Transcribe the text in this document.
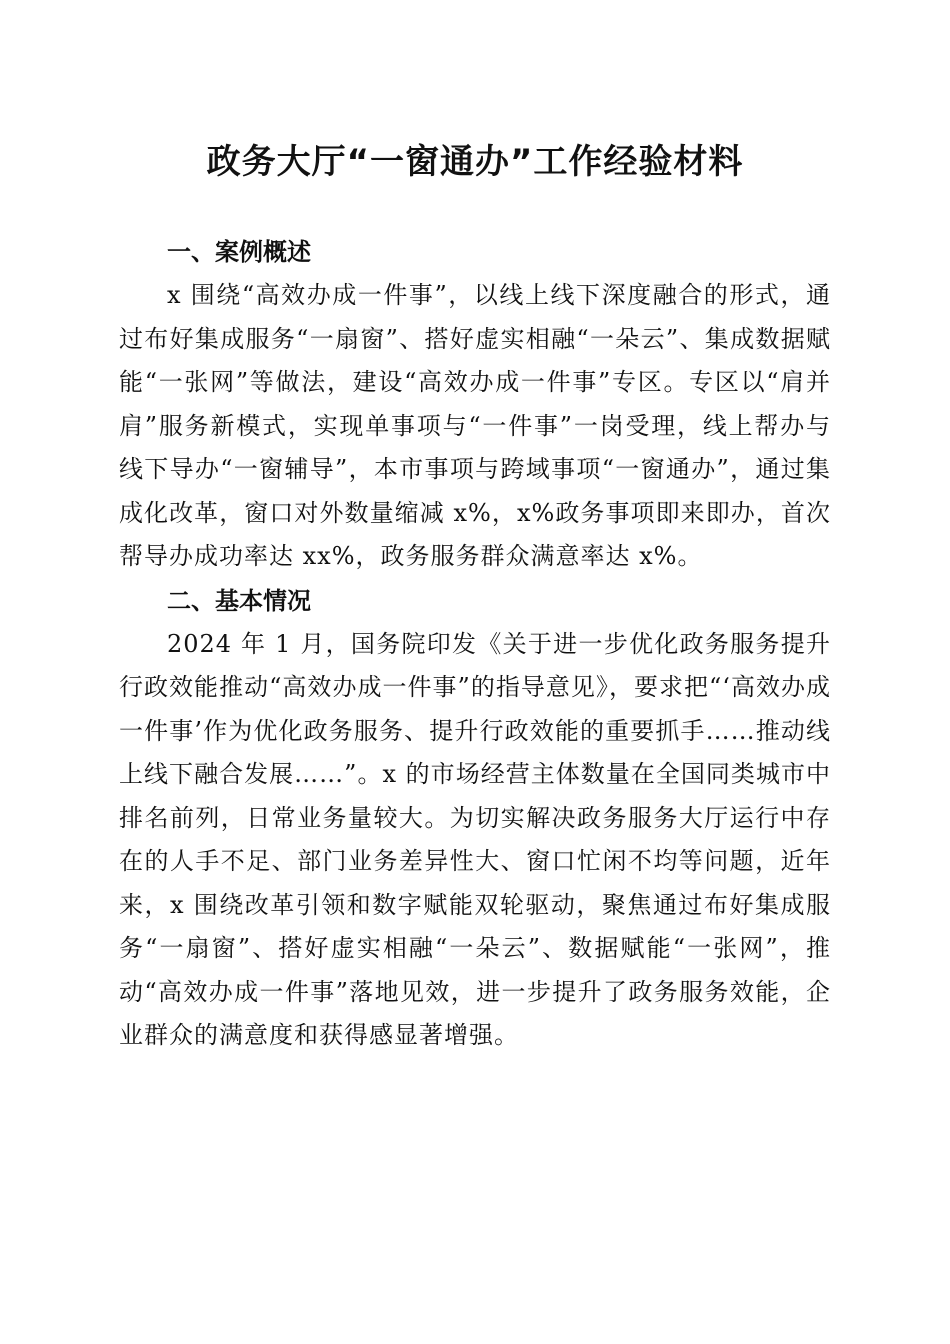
政务大厅“一窗通办”工作经验材料
一、案例概述

x 围绕“高效办成一件事”，以线上线下深度融合的形式，通过布好集成服务“一扇窗”、搭好虚实相融“一朵云”、集成数据赋能“一张网”等做法，建设“高效办成一件事”专区。专区以“肩并肩”服务新模式，实现单事项与“一件事”一岗受理，线上帮办与线下导办“一窗辅导”，本市事项与跨域事项“一窗通办”，通过集成化改革，窗口对外数量缩减 x%，x%政务事项即来即办，首次帮导办成功率达 xx%，政务服务群众满意率达 x%。

二、基本情况

2024 年 1 月，国务院印发《关于进一步优化政务服务提升行政效能推动“高效办成一件事”的指导意见》，要求把“‘高效办成一件事’作为优化政务服务、提升行政效能的重要抓手……推动线上线下融合发展……”。x 的市场经营主体数量在全国同类城市中排名前列，日常业务量较大。为切实解决政务服务大厅运行中存在的人手不足、部门业务差异性大、窗口忙闲不均等问题，近年来，x 围绕改革引领和数字赋能双轮驱动，聚焦通过布好集成服务“一扇窗”、搭好虚实相融“一朵云”、数据赋能“一张网”，推动“高效办成一件事”落地见效，进一步提升了政务服务效能，企业群众的满意度和获得感显著增强。
